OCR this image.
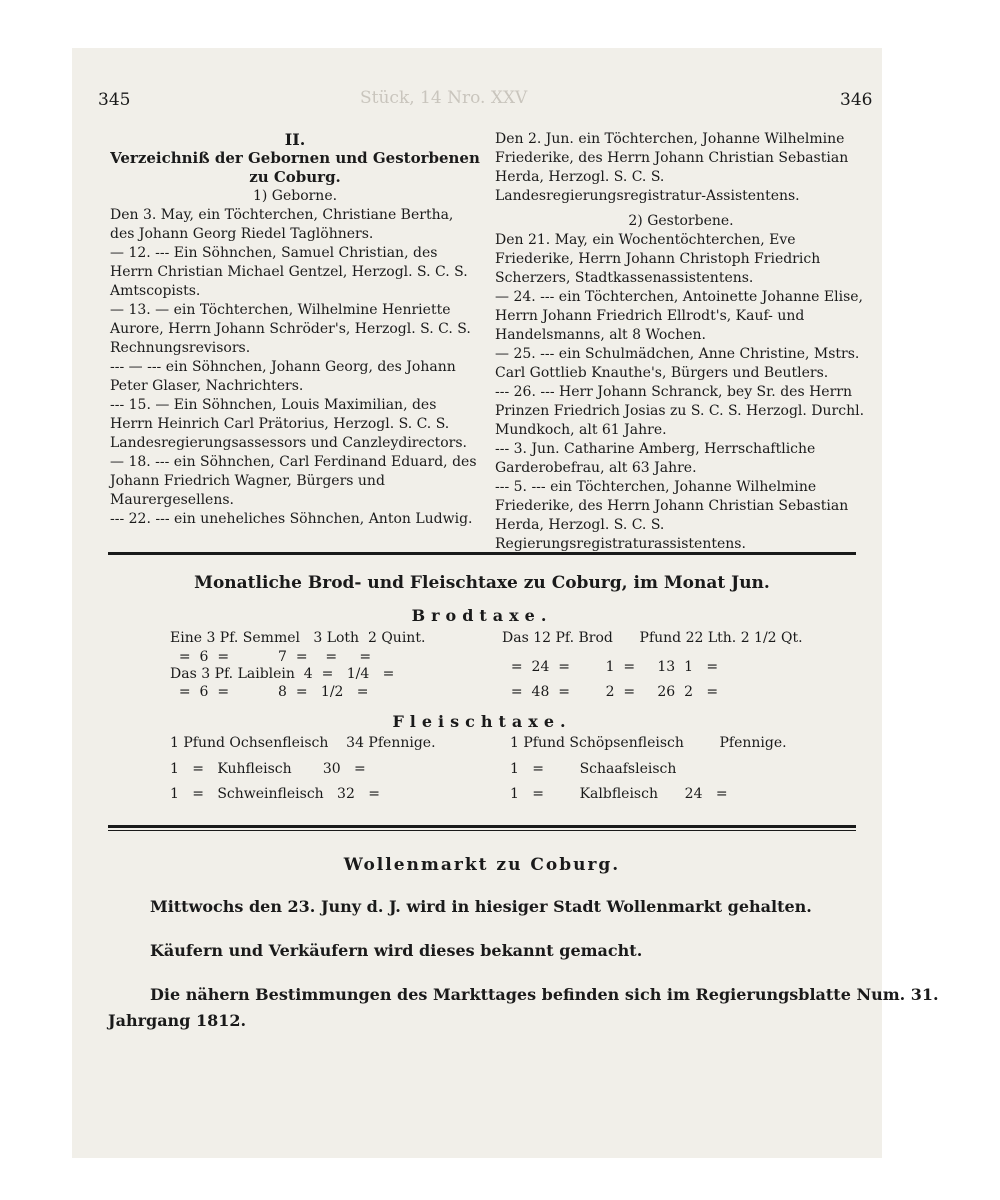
345	346
Stück, 14 Nro. XXV

II.

Verzeichniß der Gebornen und Gestorbenen

zu Coburg.

1) Geborne.

Den 3. May, ein Töchterchen, Christiane Bertha, des Johann Georg Riedel Taglöhners.

— 12. --- Ein Söhnchen, Samuel Christian, des Herrn Christian Michael Gentzel, Herzogl. S. C. S. Amtscopists.

— 13. — ein Töchterchen, Wilhelmine Henriette Aurore, Herrn Johann Schröder's, Herzogl. S. C. S. Rechnungsrevisors.

--- — --- ein Söhnchen, Johann Georg, des Johann Peter Glaser, Nachrichters.

--- 15. — Ein Söhnchen, Louis Maximilian, des Herrn Heinrich Carl Prätorius, Herzogl. S. C. S. Landesregierungsassessors und Canzleydirectors.

— 18. --- ein Söhnchen, Carl Ferdinand Eduard, des Johann Friedrich Wagner, Bürgers und Maurergesellens.

--- 22. --- ein uneheliches Söhnchen, Anton Ludwig.

Den 2. Jun. ein Töchterchen, Johanne Wilhelmine Friederike, des Herrn Johann Christian Sebastian Herda, Herzogl. S. C. S. Landesregierungsregistratur-Assistentens.

2) Gestorbene.

Den 21. May, ein Wochentöchterchen, Eve Friederike, Herrn Johann Christoph Friedrich Scherzers, Stadtkassenassistentens.

— 24. --- ein Töchterchen, Antoinette Johanne Elise, Herrn Johann Friedrich Ellrodt's, Kauf- und Handelsmanns, alt 8 Wochen.

— 25. --- ein Schulmädchen, Anne Christine, Mstrs. Carl Gottlieb Knauthe's, Bürgers und Beutlers.

--- 26. --- Herr Johann Schranck, bey Sr. des Herrn Prinzen Friedrich Josias zu S. C. S. Herzogl. Durchl. Mundkoch, alt 61 Jahre.

--- 3. Jun. Catharine Amberg, Herrschaftliche Garderobefrau, alt 63 Jahre.

--- 5. --- ein Töchterchen, Johanne Wilhelmine Friederike, des Herrn Johann Christian Sebastian Herda, Herzogl. S. C. S. Regierungsregistraturassistentens.

Monatliche Brod- und Fleischtaxe zu Coburg, im Monat Jun.
Brodtaxe.
Eine 3 Pf. Semmel   3 Loth  2 Quint.
=  6  =           7  =    =     =
Das 3 Pf. Laiblein  4  =   1/4   =
=  6  =           8  =   1/2   =
Das 12 Pf. Brod      Pfund 22 Lth. 2 1/2 Qt.
=  24  =        1  =     13  1   =
=  48  =        2  =     26  2   =
Fleischtaxe.
1 Pfund Ochsenfleisch    34 Pfennige.
1   =   Kuhfleisch       30   =
1   =   Schweinfleisch   32   =
1 Pfund Schöpsenfleisch        Pfennige.
1   =        Schaafsleisch
1   =        Kalbfleisch      24   =
Wollenmarkt zu Coburg.
Mittwochs den 23. Juny d. J. wird in hiesiger Stadt Wollenmarkt gehalten.
Käufern und Verkäufern wird dieses bekannt gemacht.
Die nähern Bestimmungen des Markttages befinden sich im Regierungsblatte Num. 31.
Jahrgang 1812.
